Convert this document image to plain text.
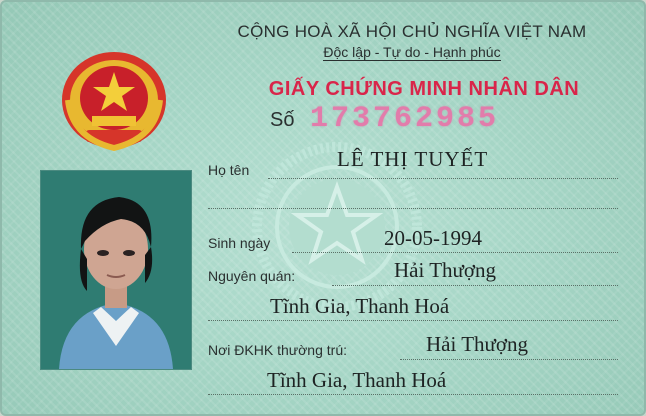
CỘNG HOÀ XÃ HỘI CHỦ NGHĨA VIỆT NAM
Độc lập - Tự do - Hạnh phúc
GIẤY CHỨNG MINH NHÂN DÂN
Số 173762985
Họ tên	LÊ THỊ TUYẾT
Sinh ngày	20-05-1994
Nguyên quán:	Hải Thượng
Tĩnh Gia, Thanh Hoá
Nơi ĐKHK thường trú:	Hải Thượng
Tĩnh Gia, Thanh Hoá
